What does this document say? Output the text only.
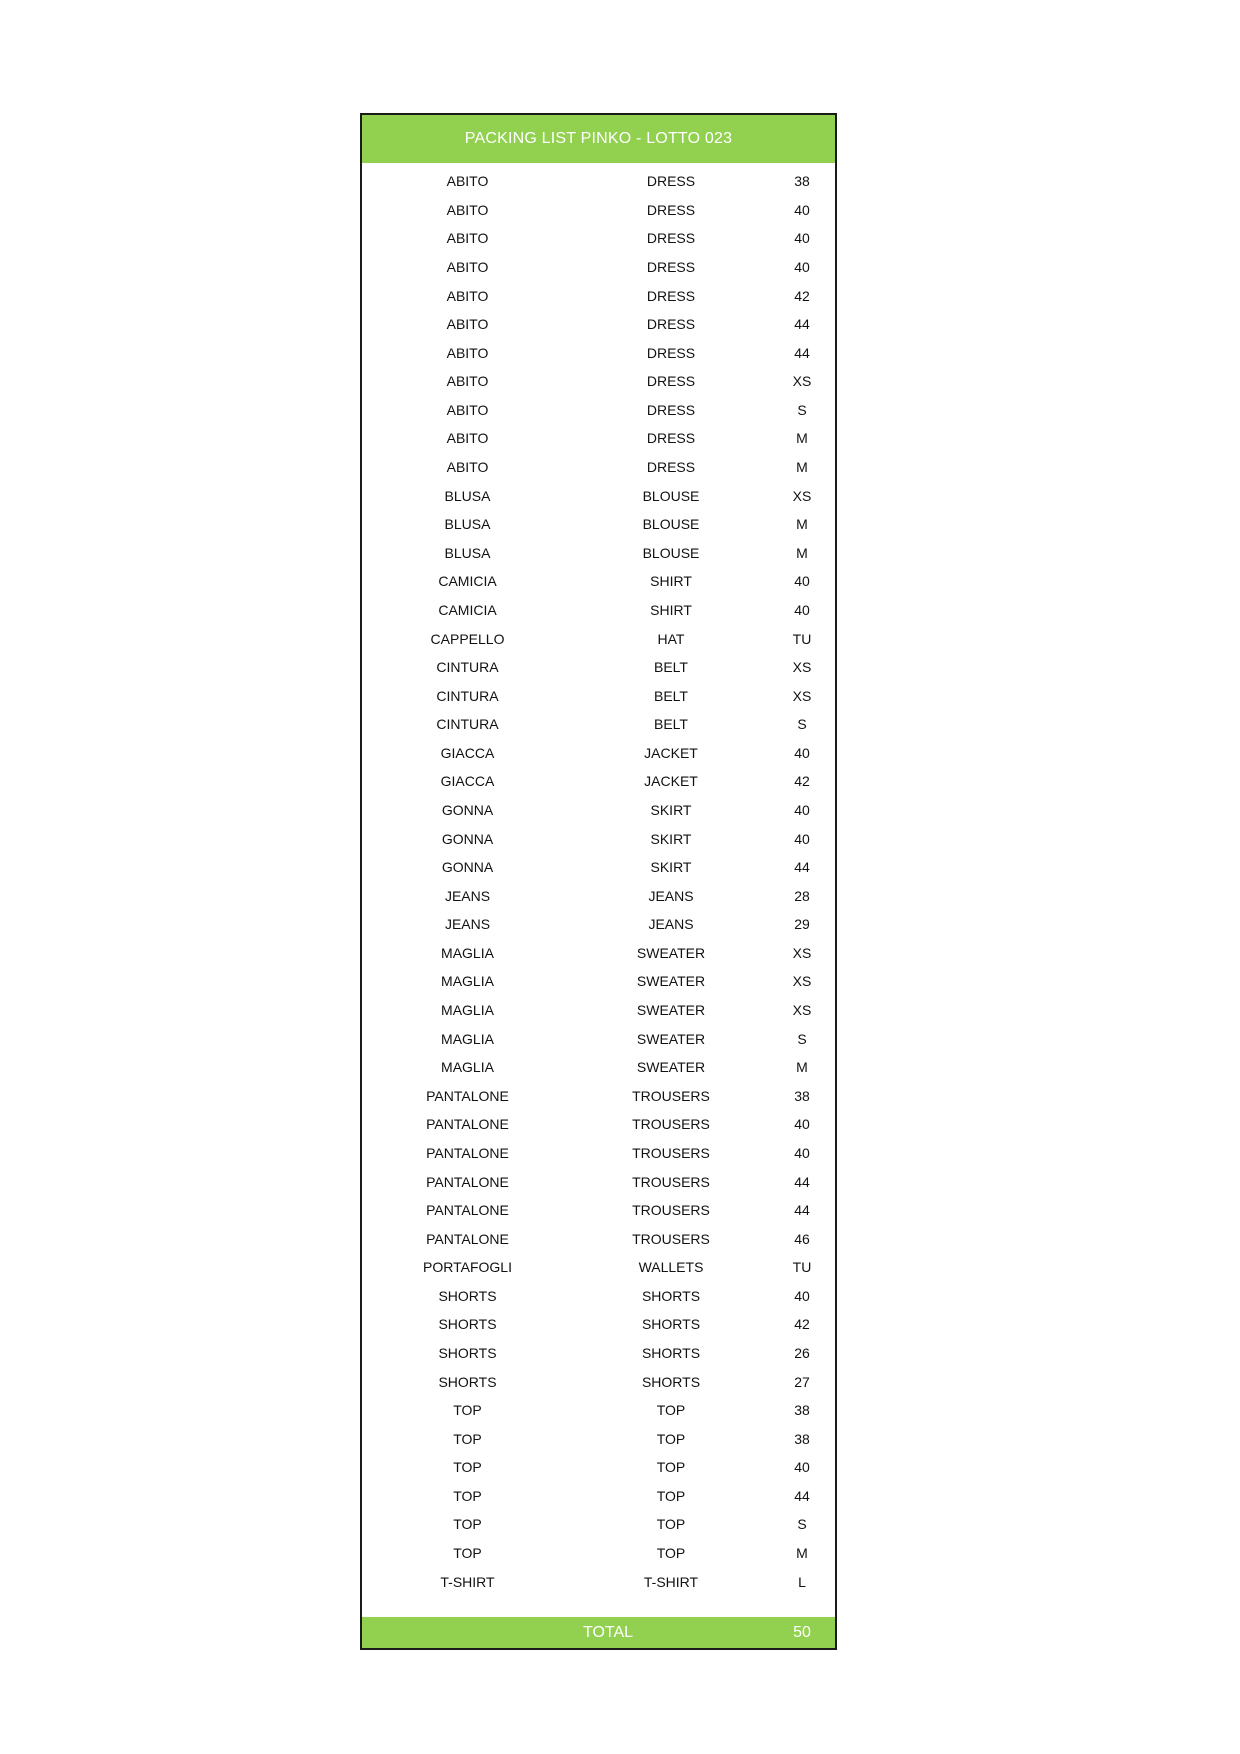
PACKING LIST PINKO - LOTTO 023
ABITO	DRESS	38
ABITO	DRESS	40
ABITO	DRESS	40
ABITO	DRESS	40
ABITO	DRESS	42
ABITO	DRESS	44
ABITO	DRESS	44
ABITO	DRESS	XS
ABITO	DRESS	S
ABITO	DRESS	M
ABITO	DRESS	M
BLUSA	BLOUSE	XS
BLUSA	BLOUSE	M
BLUSA	BLOUSE	M
CAMICIA	SHIRT	40
CAMICIA	SHIRT	40
CAPPELLO	HAT	TU
CINTURA	BELT	XS
CINTURA	BELT	XS
CINTURA	BELT	S
GIACCA	JACKET	40
GIACCA	JACKET	42
GONNA	SKIRT	40
GONNA	SKIRT	40
GONNA	SKIRT	44
JEANS	JEANS	28
JEANS	JEANS	29
MAGLIA	SWEATER	XS
MAGLIA	SWEATER	XS
MAGLIA	SWEATER	XS
MAGLIA	SWEATER	S
MAGLIA	SWEATER	M
PANTALONE	TROUSERS	38
PANTALONE	TROUSERS	40
PANTALONE	TROUSERS	40
PANTALONE	TROUSERS	44
PANTALONE	TROUSERS	44
PANTALONE	TROUSERS	46
PORTAFOGLI	WALLETS	TU
SHORTS	SHORTS	40
SHORTS	SHORTS	42
SHORTS	SHORTS	26
SHORTS	SHORTS	27
TOP	TOP	38
TOP	TOP	38
TOP	TOP	40
TOP	TOP	44
TOP	TOP	S
TOP	TOP	M
T-SHIRT	T-SHIRT	L
TOTAL	50
